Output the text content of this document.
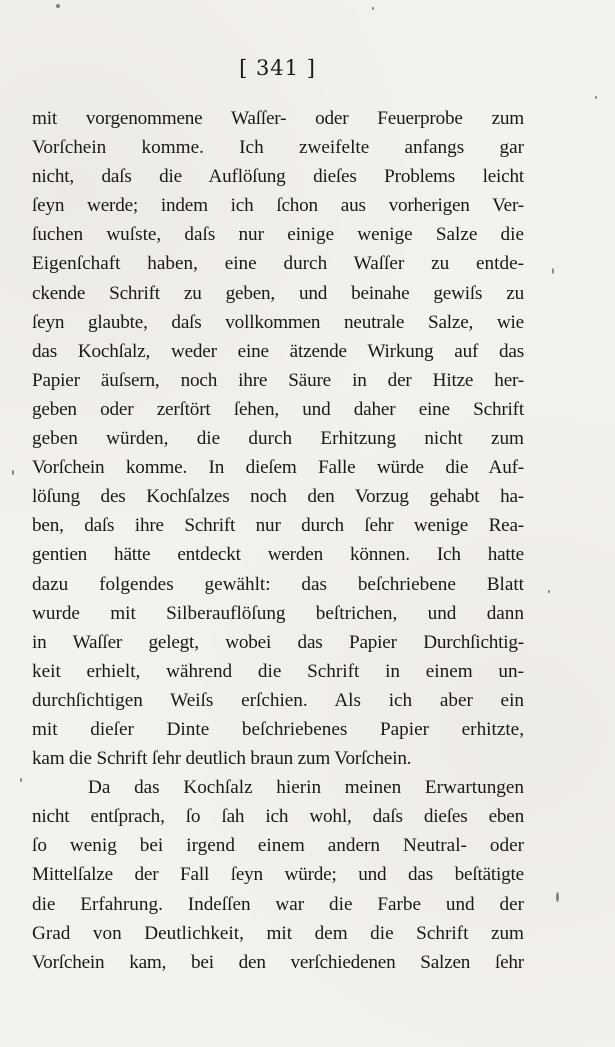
[ 341 ]
mit vorgenommene Waſſer- oder Feuerprobe zum
Vorſchein komme. Ich zweifelte anfangs gar
nicht, daſs die Auflöſung dieſes Problems leicht
ſeyn werde; indem ich ſchon aus vorherigen Ver-
ſuchen wuſste, daſs nur einige wenige Salze die
Eigenſchaft haben, eine durch Waſſer zu entde-
ckende Schrift zu geben, und beinahe gewiſs zu
ſeyn glaubte, daſs vollkommen neutrale Salze, wie
das Kochſalz, weder eine ätzende Wirkung auf das
Papier äuſsern, noch ihre Säure in der Hitze her-
geben oder zerſtört ſehen, und daher eine Schrift
geben würden, die durch Erhitzung nicht zum
Vorſchein komme. In dieſem Falle würde die Auf-
löſung des Kochſalzes noch den Vorzug gehabt ha-
ben, daſs ihre Schrift nur durch ſehr wenige Rea-
gentien hätte entdeckt werden können. Ich hatte
dazu folgendes gewählt: das beſchriebene Blatt
wurde mit Silberauflöſung beſtrichen, und dann
in Waſſer gelegt, wobei das Papier Durchſichtig-
keit erhielt, während die Schrift in einem un-
durchſichtigen Weiſs erſchien. Als ich aber ein
mit dieſer Dinte beſchriebenes Papier erhitzte,
kam die Schrift ſehr deutlich braun zum Vorſchein.
Da das Kochſalz hierin meinen Erwartungen
nicht entſprach, ſo ſah ich wohl, daſs dieſes eben
ſo wenig bei irgend einem andern Neutral- oder
Mittelſalze der Fall ſeyn würde; und das beſtätigte
die Erfahrung. Indeſſen war die Farbe und der
Grad von Deutlichkeit, mit dem die Schrift zum
Vorſchein kam, bei den verſchiedenen Salzen ſehr
